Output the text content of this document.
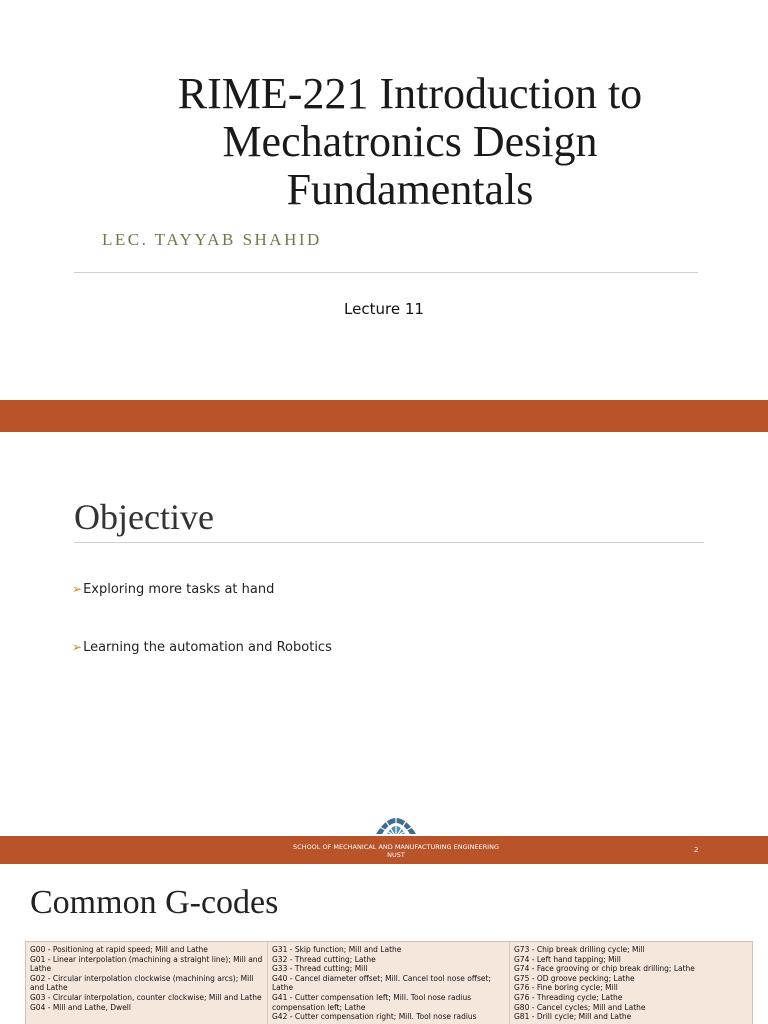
RIME-221 Introduction to
Mechatronics Design
Fundamentals
LEC. TAYYAB SHAHID
Lecture 11
Objective
➢Exploring more tasks at hand
➢Learning the automation and Robotics
SCHOOL OF MECHANICAL AND MANUFACTURING ENGINEERING
NUST
2
Common G-codes
G00 - Positioning at rapid speed; Mill and Lathe
G01 - Linear interpolation (machining a straight line); Mill and Lathe
G02 - Circular interpolation clockwise (machining arcs); Mill and Lathe
G03 - Circular interpolation, counter clockwise; Mill and Lathe
G04 - Mill and Lathe, Dwell
G31 - Skip function; Mill and Lathe
G32 - Thread cutting; Lathe
G33 - Thread cutting; Mill
G40 - Cancel diameter offset; Mill. Cancel tool nose offset; Lathe
G41 - Cutter compensation left; Mill. Tool nose radius compensation left; Lathe
G42 - Cutter compensation right; Mill. Tool nose radius
G73 - Chip break drilling cycle; Mill
G74 - Left hand tapping; Mill
G74 - Face grooving or chip break drilling; Lathe
G75 - OD groove pecking; Lathe
G76 - Fine boring cycle; Mill
G76 - Threading cycle; Lathe
G80 - Cancel cycles; Mill and Lathe
G81 - Drill cycle; Mill and Lathe
